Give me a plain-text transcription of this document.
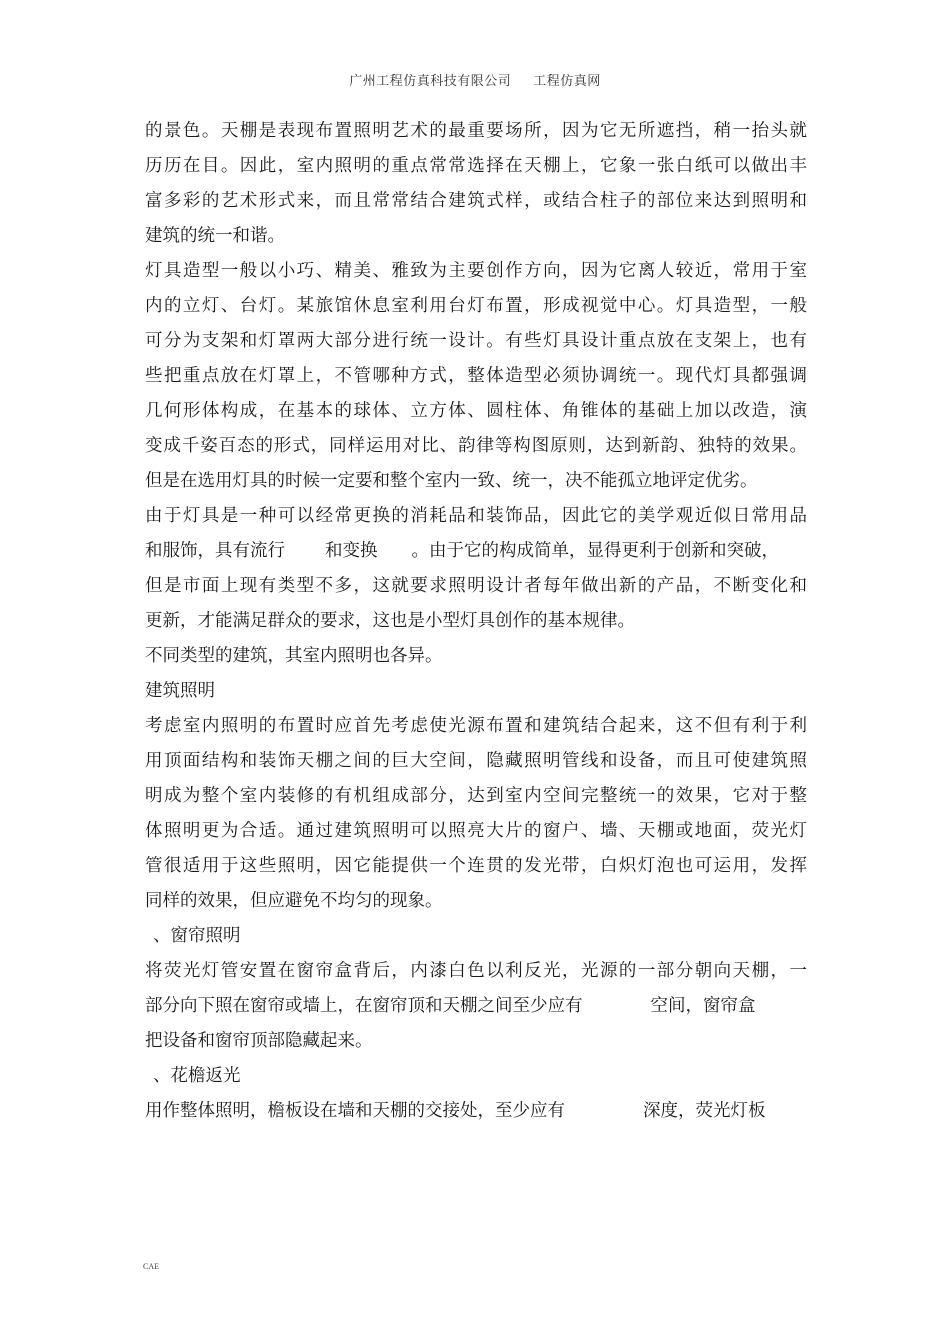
广州工程仿真科技有限公司 工程仿真网
的景色。天棚是表现布置照明艺术的最重要场所，因为它无所遮挡，稍一抬头就
历历在目。因此，室内照明的重点常常选择在天棚上，它象一张白纸可以做出丰
富多彩的艺术形式来，而且常常结合建筑式样，或结合柱子的部位来达到照明和
建筑的统一和谐。
灯具造型一般以小巧、精美、雅致为主要创作方向，因为它离人较近，常用于室
内的立灯、台灯。某旅馆休息室利用台灯布置，形成视觉中心。灯具造型，一般
可分为支架和灯罩两大部分进行统一设计。有些灯具设计重点放在支架上，也有
些把重点放在灯罩上，不管哪种方式，整体造型必须协调统一。现代灯具都强调
几何形体构成，在基本的球体、立方体、圆柱体、角锥体的基础上加以改造，演
变成千姿百态的形式，同样运用对比、韵律等构图原则，达到新韵、独特的效果。
但是在选用灯具的时候一定要和整个室内一致、统一，决不能孤立地评定优劣。
由于灯具是一种可以经常更换的消耗品和装饰品，因此它的美学观近似日常用品
和服饰，具有流行 和变换 。由于它的构成简单，显得更利于创新和突破，
但是市面上现有类型不多，这就要求照明设计者每年做出新的产品，不断变化和
更新，才能满足群众的要求，这也是小型灯具创作的基本规律。
不同类型的建筑，其室内照明也各异。
建筑照明
考虑室内照明的布置时应首先考虑使光源布置和建筑结合起来，这不但有利于利
用顶面结构和装饰天棚之间的巨大空间，隐藏照明管线和设备，而且可使建筑照
明成为整个室内装修的有机组成部分，达到室内空间完整统一的效果，它对于整
体照明更为合适。通过建筑照明可以照亮大片的窗户、墙、天棚或地面，荧光灯
管很适用于这些照明，因它能提供一个连贯的发光带，白炽灯泡也可运用，发挥
同样的效果，但应避免不均匀的现象。
、窗帘照明
将荧光灯管安置在窗帘盒背后，内漆白色以利反光，光源的一部分朝向天棚，一
部分向下照在窗帘或墙上，在窗帘顶和天棚之间至少应有	空间，窗帘盒
把设备和窗帘顶部隐藏起来。
、花檐返光
用作整体照明，檐板设在墙和天棚的交接处，至少应有	深度，荧光灯板
CAE
